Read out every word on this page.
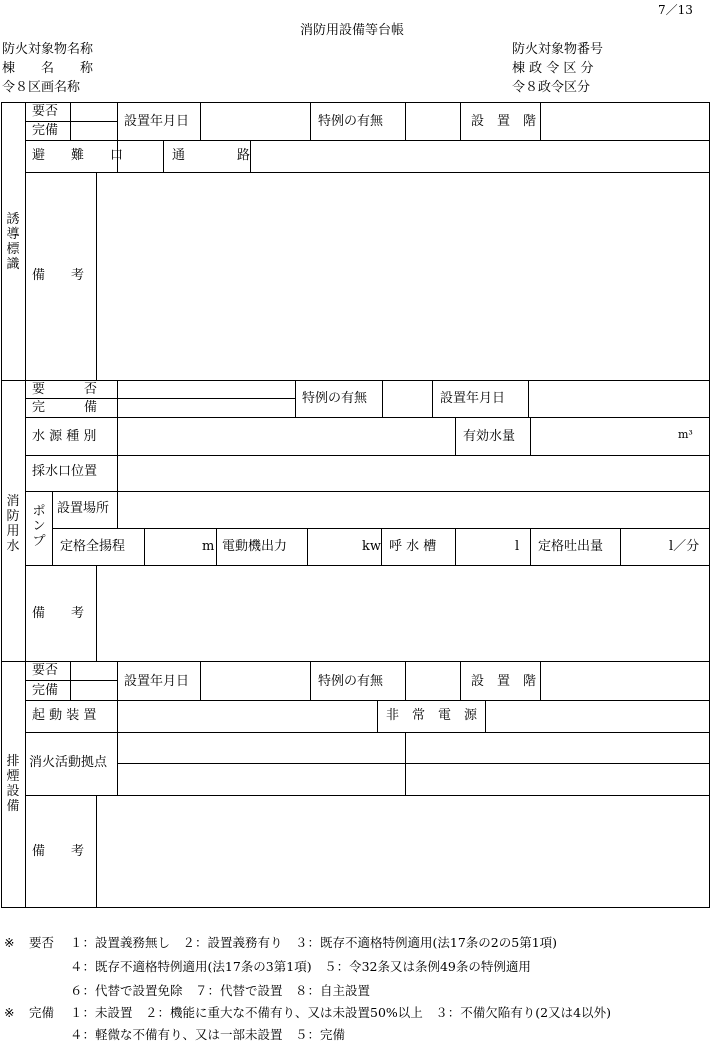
7／13
消防用設備等台帳
防火対象物名称
棟　　名　　称
令８区画名称
防火対象物番号
棟 政 令 区 分
令８政令区分
誘
導
標
識
要否
完備
設置年月日	特例の有無	設　置　階
避　　難　　口	通　　　　路
備　　考
消
防
用
水
要　　　否
完　　　備
特例の有無	設置年月日
水 源 種 別	有効水量	m³
採水口位置
ポ
ン
プ
設置場所
定格全揚程	m 電動機出力	kw 呼 水 槽	l 定格吐出量	l／分
備　　考
排
煙
設
備
要否
完備
設置年月日	特例の有無	設　置　階
起 動 装 置	非　常　電　源
消火活動拠点
備　　考
※ 要否 １：設置義務無し　２：設置義務有り　３：既存不適格特例適用(法17条の2の5第1項)
４：既存不適格特例適用(法17条の3第1項)　５：令32条又は条例49条の特例適用
６：代替で設置免除　７：代替で設置　８：自主設置
※ 完備 １：未設置　２：機能に重大な不備有り、又は未設置50%以上　３：不備欠陥有り(2又は4以外)
４：軽微な不備有り、又は一部未設置　５：完備
